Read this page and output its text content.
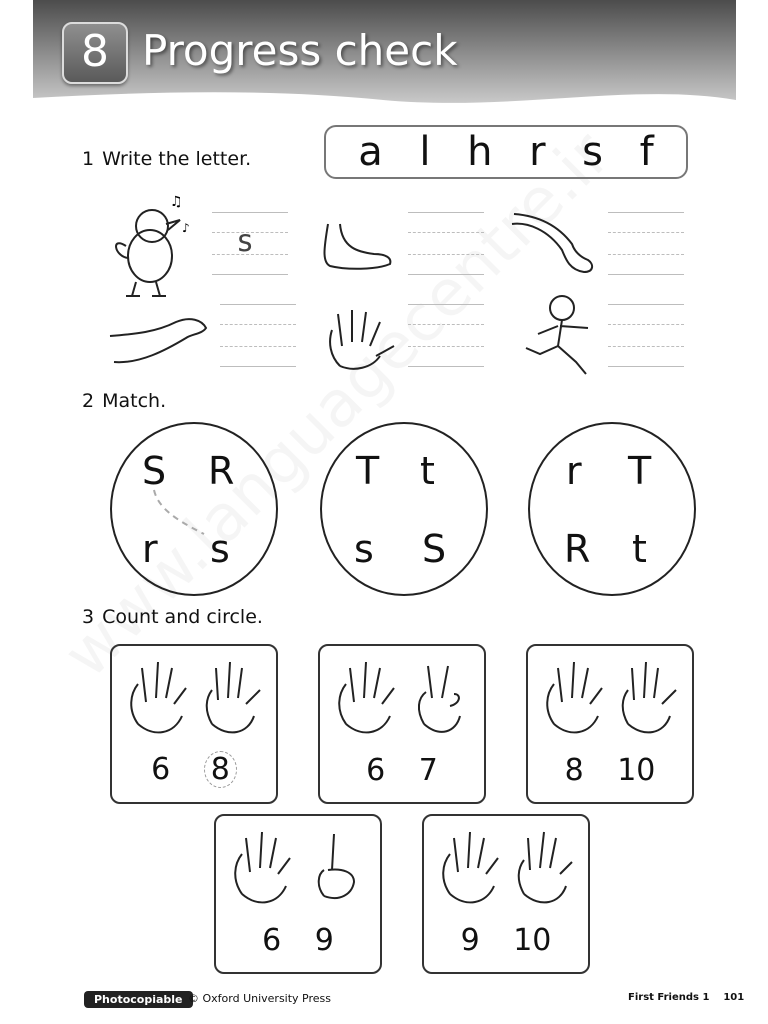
8 Progress check
1 Write the letter.	a l h r s f
♫
♪ s
2 Match.
S R
r s
T t
s S
r T
R t
3 Count and circle.
6 8	6 7	8 10
6 9	9 10
Photocopiable © Oxford University Press	First Friends 1 101
